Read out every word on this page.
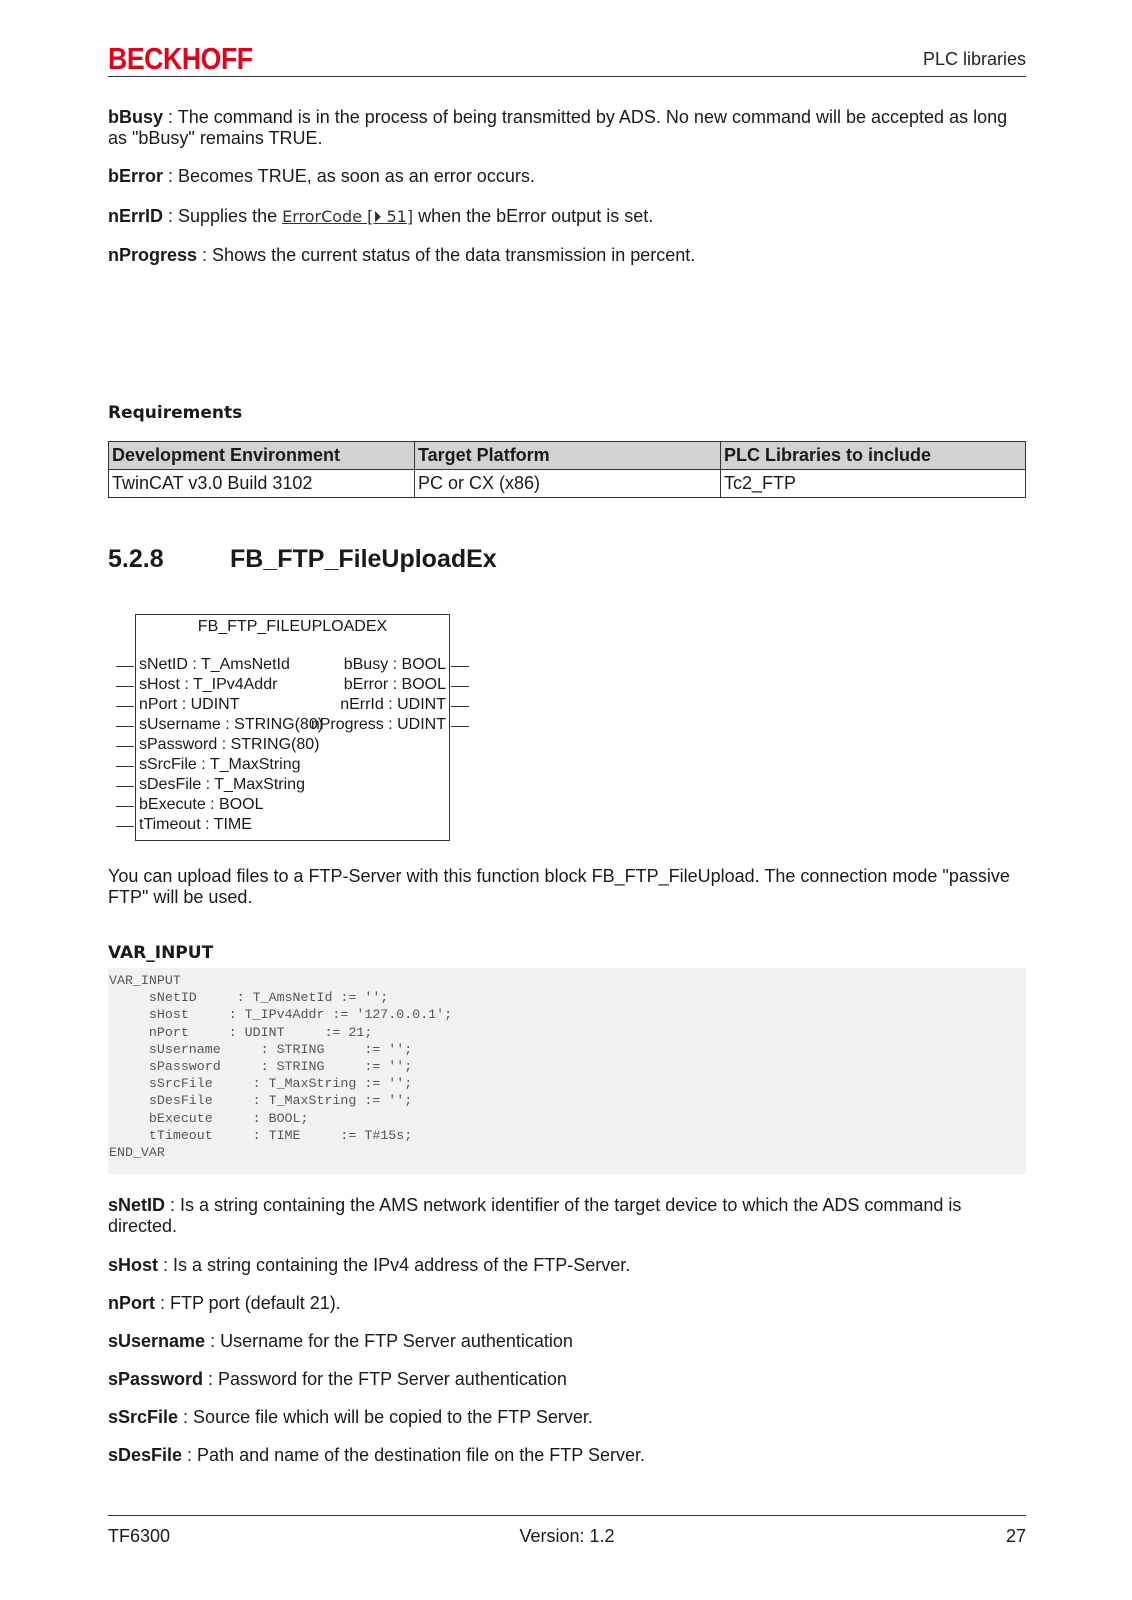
BECKHOFF	PLC libraries
bBusy : The command is in the process of being transmitted by ADS. No new command will be accepted as long as "bBusy" remains TRUE.
bError : Becomes TRUE, as soon as an error occurs.
nErrID : Supplies the ErrorCode [⏵ 51] when the bError output is set.
nProgress : Shows the current status of the data transmission in percent.
Requirements
Development Environment	Target Platform	PLC Libraries to include
TwinCAT v3.0 Build 3102	PC or CX (x86)	Tc2_FTP
5.2.8	FB_FTP_FileUploadEx
FB_FTP_FILEUPLOADEX
sNetID : T_AmsNetId
sHost : T_IPv4Addr
nPort : UDINT
sUsername : STRING(80)
sPassword : STRING(80)
sSrcFile : T_MaxString
sDesFile : T_MaxString
bExecute : BOOL
tTimeout : TIME
bBusy : BOOL
bError : BOOL
nErrId : UDINT
nProgress : UDINT
You can upload files to a FTP-Server with this function block FB_FTP_FileUpload. The connection mode "passive FTP" will be used.
VAR_INPUT
VAR_INPUT
sNetID     : T_AmsNetId := '';
sHost     : T_IPv4Addr := '127.0.0.1';
nPort     : UDINT     := 21;
sUsername     : STRING     := '';
sPassword     : STRING     := '';
sSrcFile     : T_MaxString := '';
sDesFile     : T_MaxString := '';
bExecute     : BOOL;
tTimeout     : TIME     := T#15s;
END_VAR
sNetID : Is a string containing the AMS network identifier of the target device to which the ADS command is directed.
sHost : Is a string containing the IPv4 address of the FTP-Server.
nPort : FTP port (default 21).
sUsername : Username for the FTP Server authentication
sPassword : Password for the FTP Server authentication
sSrcFile : Source file which will be copied to the FTP Server.
sDesFile : Path and name of the destination file on the FTP Server.
TF6300	Version: 1.2	27
